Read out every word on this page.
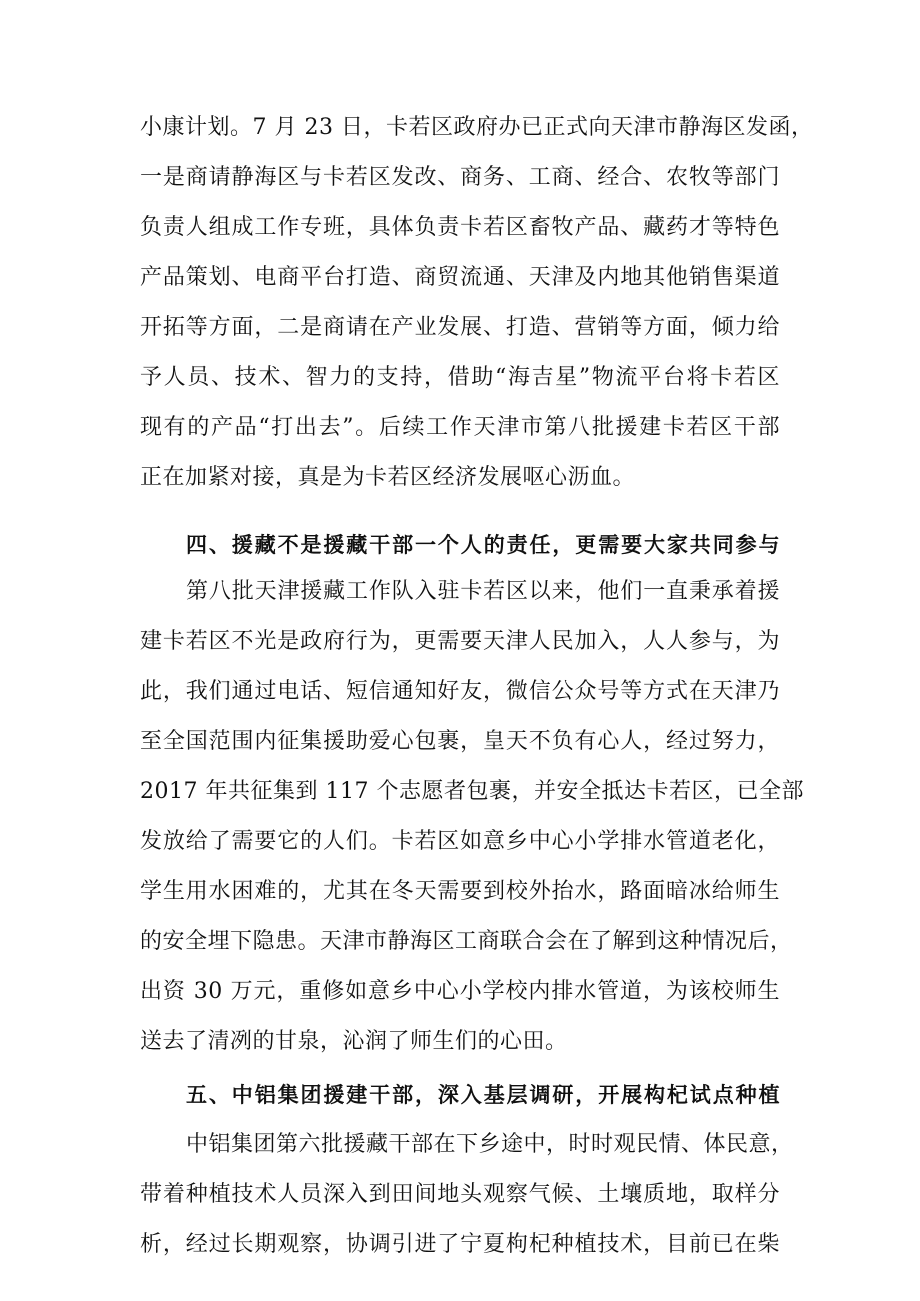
小康计划。7 月 23 日，卡若区政府办已正式向天津市静海区发函，
一是商请静海区与卡若区发改、商务、工商、经合、农牧等部门
负责人组成工作专班，具体负责卡若区畜牧产品、藏药才等特色
产品策划、电商平台打造、商贸流通、天津及内地其他销售渠道
开拓等方面，二是商请在产业发展、打造、营销等方面，倾力给
予人员、技术、智力的支持，借助“海吉星”物流平台将卡若区
现有的产品“打出去”。后续工作天津市第八批援建卡若区干部
正在加紧对接，真是为卡若区经济发展呕心沥血。
四、援藏不是援藏干部一个人的责任，更需要大家共同参与
第八批天津援藏工作队入驻卡若区以来，他们一直秉承着援
建卡若区不光是政府行为，更需要天津人民加入，人人参与，为
此，我们通过电话、短信通知好友，微信公众号等方式在天津乃
至全国范围内征集援助爱心包裹，皇天不负有心人，经过努力，
2017 年共征集到 117 个志愿者包裹，并安全抵达卡若区，已全部
发放给了需要它的人们。卡若区如意乡中心小学排水管道老化，
学生用水困难的，尤其在冬天需要到校外抬水，路面暗冰给师生
的安全埋下隐患。天津市静海区工商联合会在了解到这种情况后，
出资 30 万元，重修如意乡中心小学校内排水管道，为该校师生
送去了清冽的甘泉，沁润了师生们的心田。
五、中铝集团援建干部，深入基层调研，开展构杞试点种植
中铝集团第六批援藏干部在下乡途中，时时观民情、体民意，
带着种植技术人员深入到田间地头观察气候、土壤质地，取样分
析，经过长期观察，协调引进了宁夏枸杞种植技术，目前已在柴
